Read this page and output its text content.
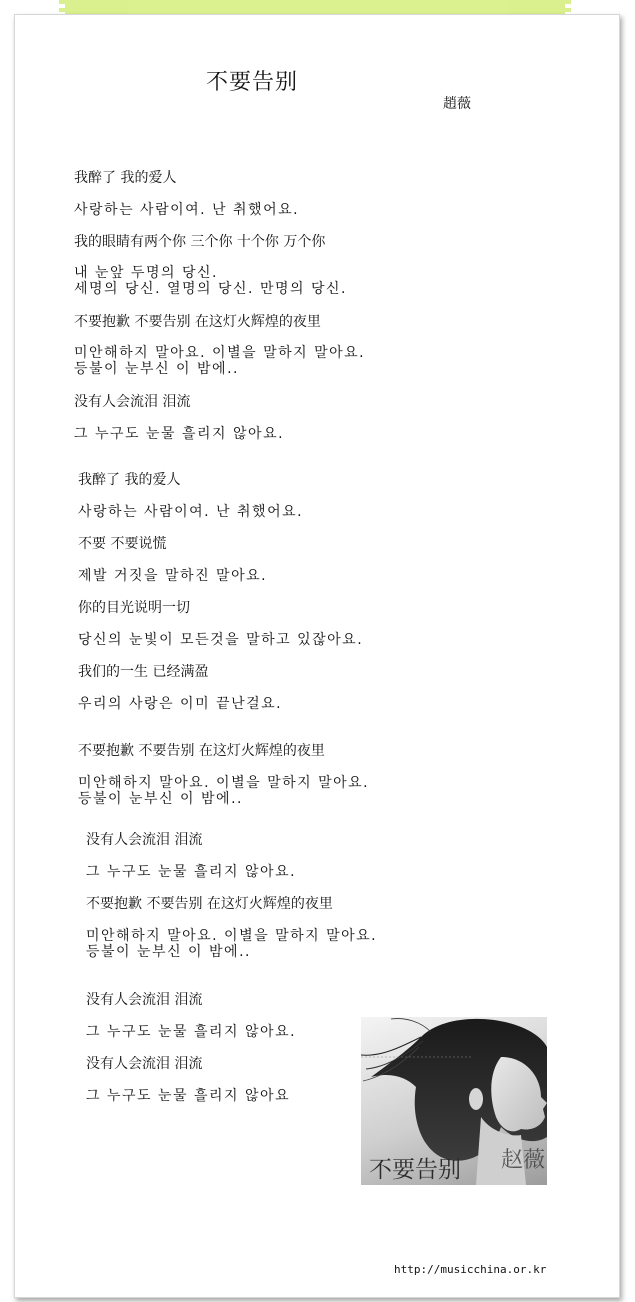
不要告别
趙薇
我醉了 我的爱人
사랑하는 사람이여. 난 취했어요.
我的眼睛有两个你 三个你 十个你 万个你
내 눈앞 두명의 당신.
세명의 당신. 열명의 당신. 만명의 당신.
不要抱歉 不要告别 在这灯火辉煌的夜里
미안해하지 말아요. 이별을 말하지 말아요.
등불이 눈부신 이 밤에..
没有人会流泪 泪流
그 누구도 눈물 흘리지 않아요.
我醉了 我的爱人
사랑하는 사람이여. 난 취했어요.
不要 不要说慌
제발 거짓을 말하진 말아요.
你的目光说明一切
당신의 눈빛이 모든것을 말하고 있잖아요.
我们的一生 已经满盈
우리의 사랑은 이미 끝난걸요.
不要抱歉 不要告别 在这灯火辉煌的夜里
미안해하지 말아요. 이별을 말하지 말아요.
등불이 눈부신 이 밤에..
没有人会流泪 泪流
그 누구도 눈물 흘리지 않아요.
不要抱歉 不要告别 在这灯火辉煌的夜里
미안해하지 말아요. 이별을 말하지 말아요.
등불이 눈부신 이 밤에..
没有人会流泪 泪流
그 누구도 눈물 흘리지 않아요.
没有人会流泪 泪流
그 누구도 눈물 흘리지 않아요
赵薇
不要告别
http://musicchina.or.kr
